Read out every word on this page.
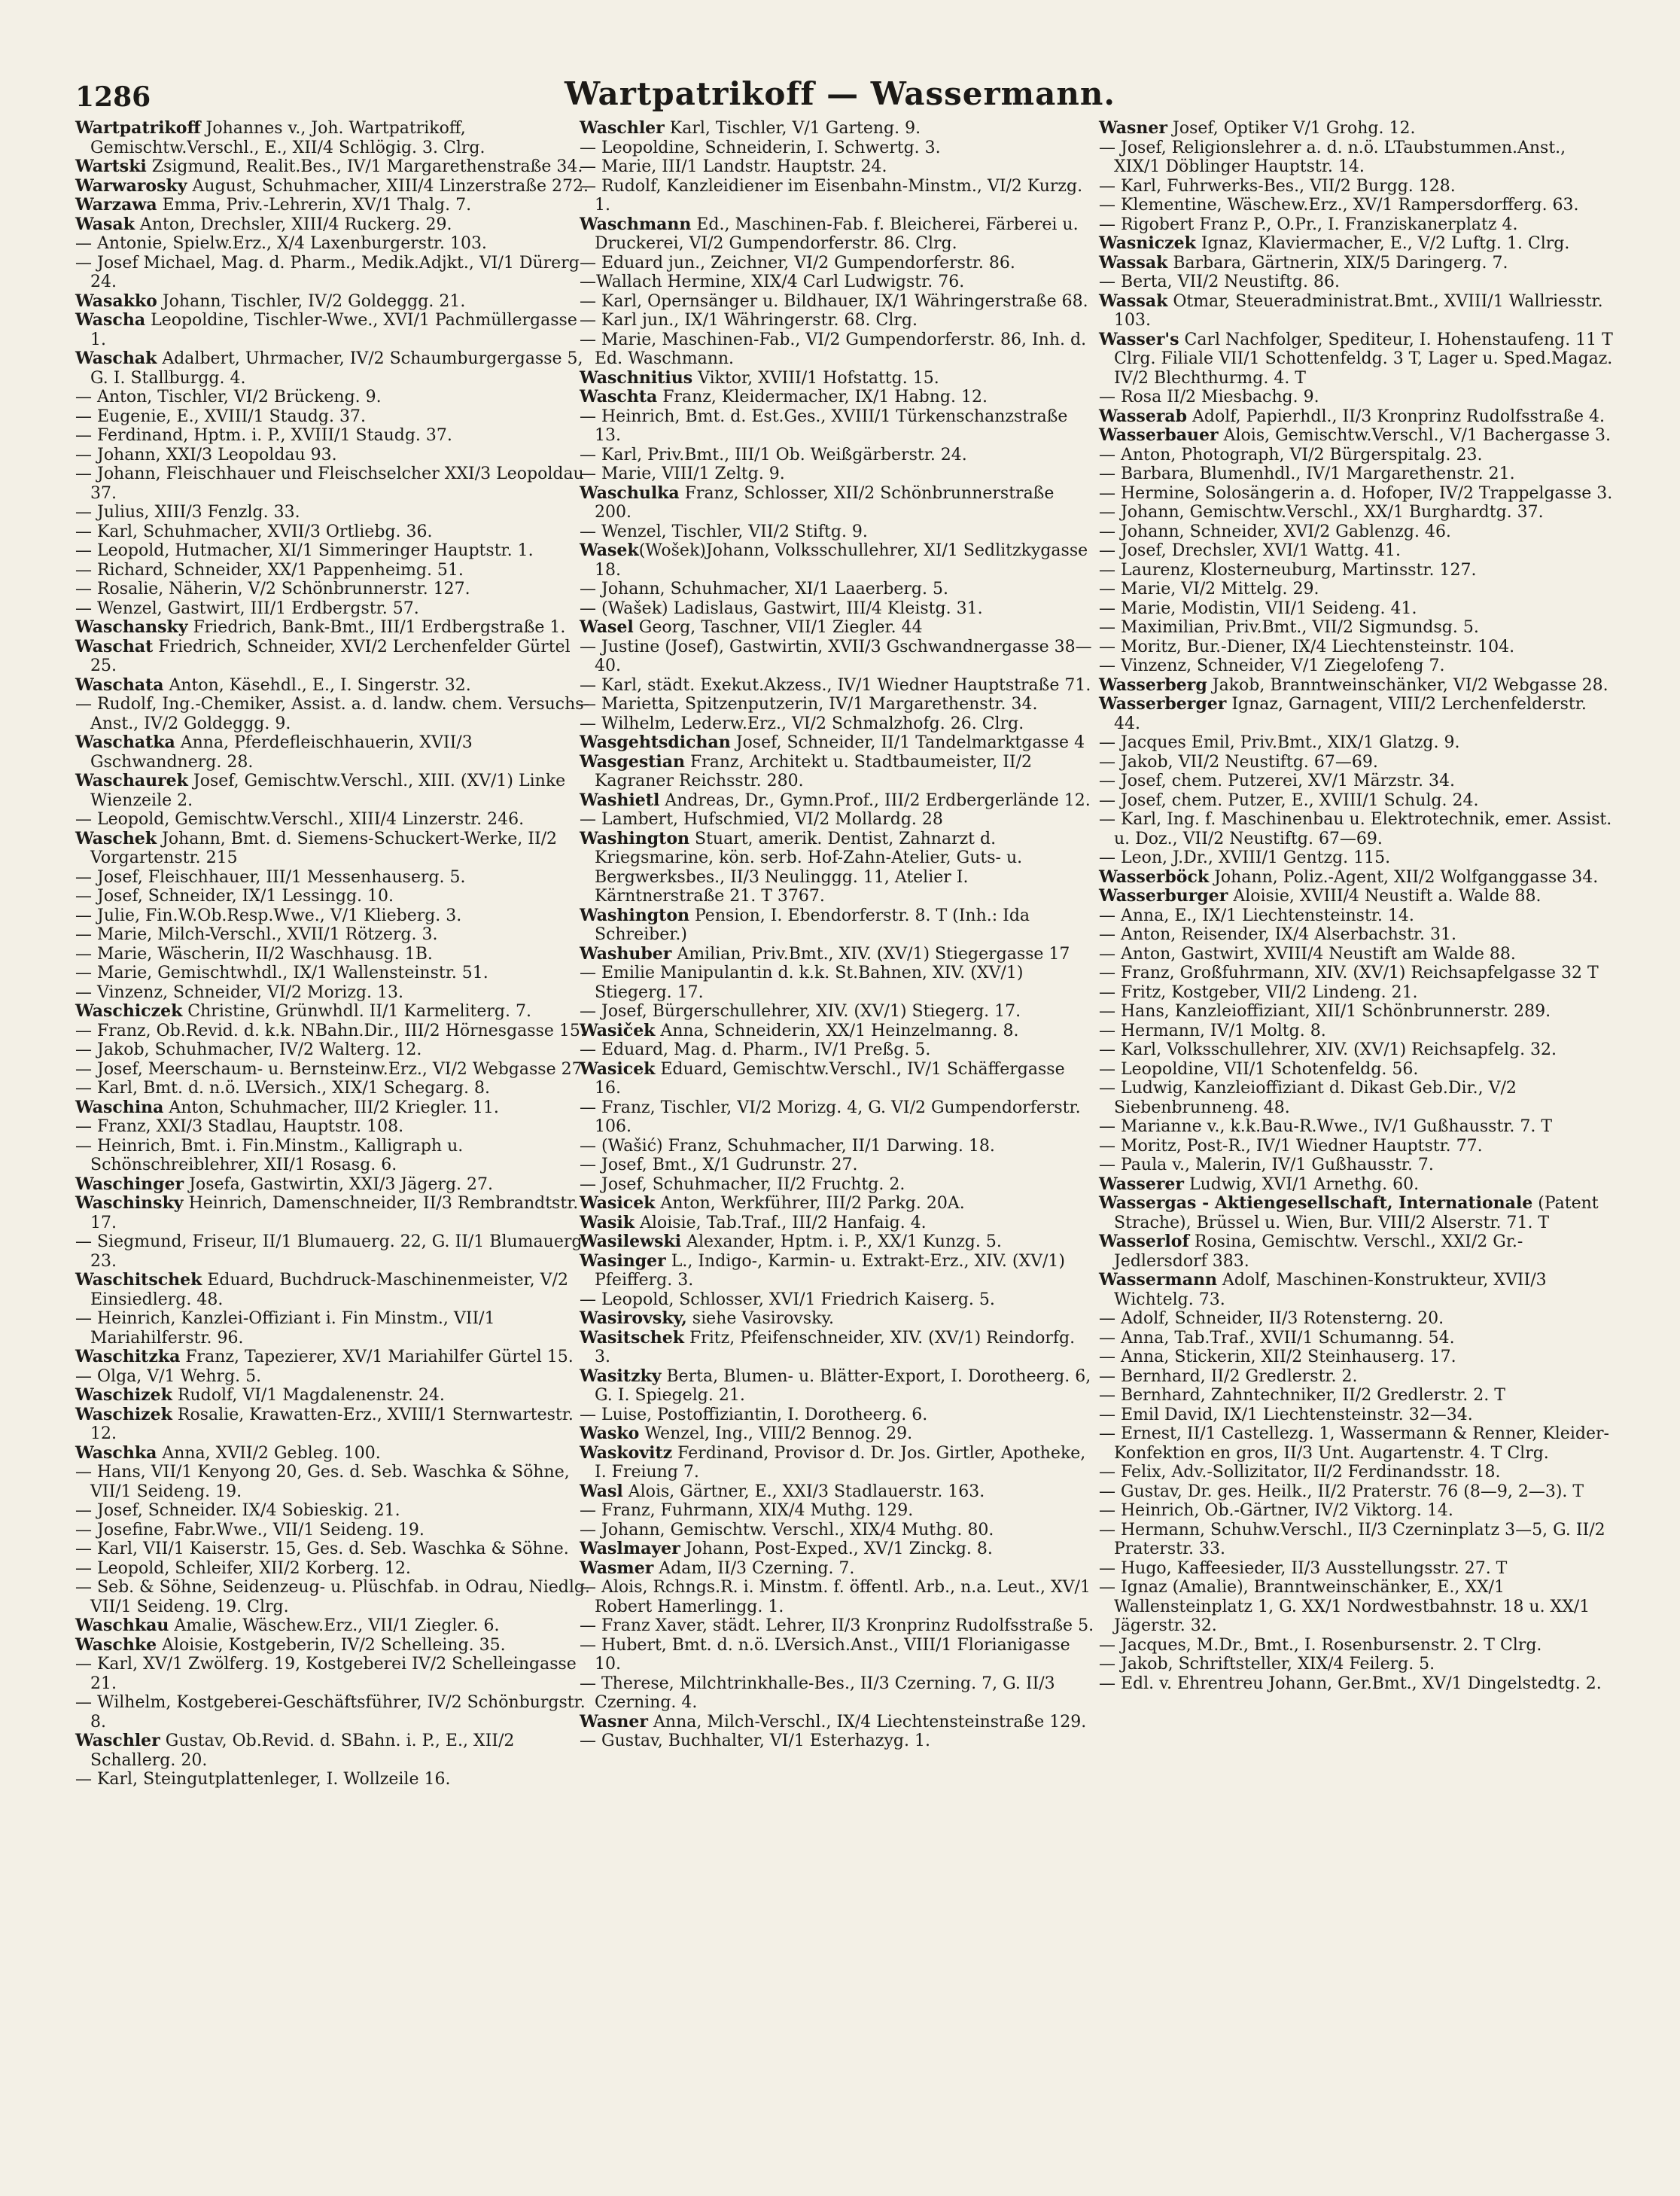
1286	Wartpatrikoff — Wassermann.

Wartpatrikoff Johannes v., Joh. Wartpatrikoff, Gemischtw.Verschl., E., XII/4 Schlögig. 3. Clrg.

Wartski Zsigmund, Realit.Bes., IV/1 Margarethenstraße 34.

Warwarosky August, Schuhmacher, XIII/4 Linzerstraße 272.

Warzawa Emma, Priv.-Lehrerin, XV/1 Thalg. 7.

Wasak Anton, Drechsler, XIII/4 Ruckerg. 29.

— Antonie, Spielw.Erz., X/4 Laxenburgerstr. 103.

— Josef Michael, Mag. d. Pharm., Medik.Adjkt., VI/1 Dürerg 24.

Wasakko Johann, Tischler, IV/2 Goldeggg. 21.

Wascha Leopoldine, Tischler-Wwe., XVI/1 Pachmüllergasse 1.

Waschak Adalbert, Uhrmacher, IV/2 Schaumburgergasse 5, G. I. Stallburgg. 4.

— Anton, Tischler, VI/2 Brückeng. 9.

— Eugenie, E., XVIII/1 Staudg. 37.

— Ferdinand, Hptm. i. P., XVIII/1 Staudg. 37.

— Johann, XXI/3 Leopoldau 93.

— Johann, Fleischhauer und Fleischselcher XXI/3 Leopoldau 37.

— Julius, XIII/3 Fenzlg. 33.

— Karl, Schuhmacher, XVII/3 Ortliebg. 36.

— Leopold, Hutmacher, XI/1 Simmeringer Hauptstr. 1.

— Richard, Schneider, XX/1 Pappenheimg. 51.

— Rosalie, Näherin, V/2 Schönbrunnerstr. 127.

— Wenzel, Gastwirt, III/1 Erdbergstr. 57.

Waschansky Friedrich, Bank-Bmt., III/1 Erdbergstraße 1.

Waschat Friedrich, Schneider, XVI/2 Lerchenfelder Gürtel 25.

Waschata Anton, Käsehdl., E., I. Singerstr. 32.

— Rudolf, Ing.-Chemiker, Assist. a. d. landw. chem. Versuchs-Anst., IV/2 Goldeggg. 9.

Waschatka Anna, Pferdefleischhauerin, XVII/3 Gschwandnerg. 28.

Waschaurek Josef, Gemischtw.Verschl., XIII. (XV/1) Linke Wienzeile 2.

— Leopold, Gemischtw.Verschl., XIII/4 Linzerstr. 246.

Waschek Johann, Bmt. d. Siemens-Schuckert-Werke, II/2 Vorgartenstr. 215

— Josef, Fleischhauer, III/1 Messenhauserg. 5.

— Josef, Schneider, IX/1 Lessingg. 10.

— Julie, Fin.W.Ob.Resp.Wwe., V/1 Klieberg. 3.

— Marie, Milch-Verschl., XVII/1 Rötzerg. 3.

— Marie, Wäscherin, II/2 Waschhausg. 1B.

— Marie, Gemischtwhdl., IX/1 Wallensteinstr. 51.

— Vinzenz, Schneider, VI/2 Morizg. 13.

Waschiczek Christine, Grünwhdl. II/1 Karmeliterg. 7.

— Franz, Ob.Revid. d. k.k. NBahn.Dir., III/2 Hörnesgasse 15.

— Jakob, Schuhmacher, IV/2 Walterg. 12.

— Josef, Meerschaum- u. Bernsteinw.Erz., VI/2 Webgasse 27.

— Karl, Bmt. d. n.ö. LVersich., XIX/1 Schegarg. 8.

Waschina Anton, Schuhmacher, III/2 Kriegler. 11.

— Franz, XXI/3 Stadlau, Hauptstr. 108.

— Heinrich, Bmt. i. Fin.Minstm., Kalligraph u. Schönschreiblehrer, XII/1 Rosasg. 6.

Waschinger Josefa, Gastwirtin, XXI/3 Jägerg. 27.

Waschinsky Heinrich, Damenschneider, II/3 Rembrandtstr. 17.

— Siegmund, Friseur, II/1 Blumauerg. 22, G. II/1 Blumauerg. 23.

Waschitschek Eduard, Buchdruck-Maschinenmeister, V/2 Einsiedlerg. 48.

— Heinrich, Kanzlei-Offiziant i. Fin Minstm., VII/1 Mariahilferstr. 96.

Waschitzka Franz, Tapezierer, XV/1 Mariahilfer Gürtel 15.

— Olga, V/1 Wehrg. 5.

Waschizek Rudolf, VI/1 Magdalenenstr. 24.

Waschizek Rosalie, Krawatten-Erz., XVIII/1 Sternwartestr. 12.

Waschka Anna, XVII/2 Gebleg. 100.

— Hans, VII/1 Kenyong 20, Ges. d. Seb. Waschka & Söhne, VII/1 Seideng. 19.

— Josef, Schneider. IX/4 Sobieskig. 21.

— Josefine, Fabr.Wwe., VII/1 Seideng. 19.

— Karl, VII/1 Kaiserstr. 15, Ges. d. Seb. Waschka & Söhne.

— Leopold, Schleifer, XII/2 Korberg. 12.

— Seb. & Söhne, Seidenzeug- u. Plüschfab. in Odrau, Niedlg. VII/1 Seideng. 19. Clrg.

Waschkau Amalie, Wäschew.Erz., VII/1 Ziegler. 6.

Waschke Aloisie, Kostgeberin, IV/2 Schelleing. 35.

— Karl, XV/1 Zwölferg. 19, Kostgeberei IV/2 Schelleingasse 21.

— Wilhelm, Kostgeberei-Geschäftsführer, IV/2 Schönburgstr. 8.

Waschler Gustav, Ob.Revid. d. SBahn. i. P., E., XII/2 Schallerg. 20.

— Karl, Steingutplattenleger, I. Wollzeile 16.

Waschler Karl, Tischler, V/1 Garteng. 9.

— Leopoldine, Schneiderin, I. Schwertg. 3.

— Marie, III/1 Landstr. Hauptstr. 24.

— Rudolf, Kanzleidiener im Eisenbahn-Minstm., VI/2 Kurzg. 1.

Waschmann Ed., Maschinen-Fab. f. Bleicherei, Färberei u. Druckerei, VI/2 Gumpendorferstr. 86. Clrg.

— Eduard jun., Zeichner, VI/2 Gumpendorferstr. 86.

—Wallach Hermine, XIX/4 Carl Ludwigstr. 76.

— Karl, Opernsänger u. Bildhauer, IX/1 Währingerstraße 68.

— Karl jun., IX/1 Währingerstr. 68. Clrg.

— Marie, Maschinen-Fab., VI/2 Gumpendorferstr. 86, Inh. d. Ed. Waschmann.

Waschnitius Viktor, XVIII/1 Hofstattg. 15.

Waschta Franz, Kleidermacher, IX/1 Habng. 12.

— Heinrich, Bmt. d. Est.Ges., XVIII/1 Türkenschanzstraße 13.

— Karl, Priv.Bmt., III/1 Ob. Weißgärberstr. 24.

— Marie, VIII/1 Zeltg. 9.

Waschulka Franz, Schlosser, XII/2 Schönbrunnerstraße 200.

— Wenzel, Tischler, VII/2 Stiftg. 9.

Wasek(Wošek)Johann, Volksschullehrer, XI/1 Sedlitzkygasse 18.

— Johann, Schuhmacher, XI/1 Laaerberg. 5.

— (Wašek) Ladislaus, Gastwirt, III/4 Kleistg. 31.

Wasel Georg, Taschner, VII/1 Ziegler. 44

— Justine (Josef), Gastwirtin, XVII/3 Gschwandnergasse 38—40.

— Karl, städt. Exekut.Akzess., IV/1 Wiedner Hauptstraße 71.

— Marietta, Spitzenputzerin, IV/1 Margarethenstr. 34.

— Wilhelm, Lederw.Erz., VI/2 Schmalzhofg. 26. Clrg.

Wasgehtsdichan Josef, Schneider, II/1 Tandelmarktgasse 4

Wasgestian Franz, Architekt u. Stadtbaumeister, II/2 Kagraner Reichsstr. 280.

Washietl Andreas, Dr., Gymn.Prof., III/2 Erdbergerlände 12.

— Lambert, Hufschmied, VI/2 Mollardg. 28

Washington Stuart, amerik. Dentist, Zahnarzt d. Kriegsmarine, kön. serb. Hof-Zahn-Atelier, Guts- u. Bergwerksbes., II/3 Neulinggg. 11, Atelier I. Kärntnerstraße 21. T 3767.

Washington Pension, I. Ebendorferstr. 8. T (Inh.: Ida Schreiber.)

Washuber Amilian, Priv.Bmt., XIV. (XV/1) Stiegergasse 17

— Emilie Manipulantin d. k.k. St.Bahnen, XIV. (XV/1) Stiegerg. 17.

— Josef, Bürgerschullehrer, XIV. (XV/1) Stiegerg. 17.

Wasiček Anna, Schneiderin, XX/1 Heinzelmanng. 8.

— Eduard, Mag. d. Pharm., IV/1 Preßg. 5.

Wasicek Eduard, Gemischtw.Verschl., IV/1 Schäffergasse 16.

— Franz, Tischler, VI/2 Morizg. 4, G. VI/2 Gumpendorferstr. 106.

— (Wašić) Franz, Schuhmacher, II/1 Darwing. 18.

— Josef, Bmt., X/1 Gudrunstr. 27.

— Josef, Schuhmacher, II/2 Fruchtg. 2.

Wasicek Anton, Werkführer, III/2 Parkg. 20A.

Wasik Aloisie, Tab.Traf., III/2 Hanfaig. 4.

Wasilewski Alexander, Hptm. i. P., XX/1 Kunzg. 5.

Wasinger L., Indigo-, Karmin- u. Extrakt-Erz., XIV. (XV/1) Pfeifferg. 3.

— Leopold, Schlosser, XVI/1 Friedrich Kaiserg. 5.

Wasirovsky, siehe Vasirovsky.

Wasitschek Fritz, Pfeifenschneider, XIV. (XV/1) Reindorfg. 3.

Wasitzky Berta, Blumen- u. Blätter-Export, I. Dorotheerg. 6, G. I. Spiegelg. 21.

— Luise, Postoffiziantin, I. Dorotheerg. 6.

Wasko Wenzel, Ing., VIII/2 Bennog. 29.

Waskovitz Ferdinand, Provisor d. Dr. Jos. Girtler, Apotheke, I. Freiung 7.

Wasl Alois, Gärtner, E., XXI/3 Stadlauerstr. 163.

— Franz, Fuhrmann, XIX/4 Muthg. 129.

— Johann, Gemischtw. Verschl., XIX/4 Muthg. 80.

Waslmayer Johann, Post-Exped., XV/1 Zinckg. 8.

Wasmer Adam, II/3 Czerning. 7.

— Alois, Rchngs.R. i. Minstm. f. öffentl. Arb., n.a. Leut., XV/1 Robert Hamerlingg. 1.

— Franz Xaver, städt. Lehrer, II/3 Kronprinz Rudolfsstraße 5.

— Hubert, Bmt. d. n.ö. LVersich.Anst., VIII/1 Florianigasse 10.

— Therese, Milchtrinkhalle-Bes., II/3 Czerning. 7, G. II/3 Czerning. 4.

Wasner Anna, Milch-Verschl., IX/4 Liechtensteinstraße 129.

— Gustav, Buchhalter, VI/1 Esterhazyg. 1.

Wasner Josef, Optiker V/1 Grohg. 12.

— Josef, Religionslehrer a. d. n.ö. LTaubstummen.Anst., XIX/1 Döblinger Hauptstr. 14.

— Karl, Fuhrwerks-Bes., VII/2 Burgg. 128.

— Klementine, Wäschew.Erz., XV/1 Rampersdorfferg. 63.

— Rigobert Franz P., O.Pr., I. Franziskanerplatz 4.

Wasniczek Ignaz, Klaviermacher, E., V/2 Luftg. 1. Clrg.

Wassak Barbara, Gärtnerin, XIX/5 Daringerg. 7.

— Berta, VII/2 Neustiftg. 86.

Wassak Otmar, Steueradministrat.Bmt., XVIII/1 Wallriesstr. 103.

Wasser's Carl Nachfolger, Spediteur, I. Hohenstaufeng. 11 T Clrg. Filiale VII/1 Schottenfeldg. 3 T, Lager u. Sped.Magaz. IV/2 Blechthurmg. 4. T

— Rosa II/2 Miesbachg. 9.

Wasserab Adolf, Papierhdl., II/3 Kronprinz Rudolfsstraße 4.

Wasserbauer Alois, Gemischtw.Verschl., V/1 Bachergasse 3.

— Anton, Photograph, VI/2 Bürgerspitalg. 23.

— Barbara, Blumenhdl., IV/1 Margarethenstr. 21.

— Hermine, Solosängerin a. d. Hofoper, IV/2 Trappelgasse 3.

— Johann, Gemischtw.Verschl., XX/1 Burghardtg. 37.

— Johann, Schneider, XVI/2 Gablenzg. 46.

— Josef, Drechsler, XVI/1 Wattg. 41.

— Laurenz, Klosterneuburg, Martinsstr. 127.

— Marie, VI/2 Mittelg. 29.

— Marie, Modistin, VII/1 Seideng. 41.

— Maximilian, Priv.Bmt., VII/2 Sigmundsg. 5.

— Moritz, Bur.-Diener, IX/4 Liechtensteinstr. 104.

— Vinzenz, Schneider, V/1 Ziegelofeng 7.

Wasserberg Jakob, Branntweinschänker, VI/2 Webgasse 28.

Wasserberger Ignaz, Garnagent, VIII/2 Lerchenfelderstr. 44.

— Jacques Emil, Priv.Bmt., XIX/1 Glatzg. 9.

— Jakob, VII/2 Neustiftg. 67—69.

— Josef, chem. Putzerei, XV/1 Märzstr. 34.

— Josef, chem. Putzer, E., XVIII/1 Schulg. 24.

— Karl, Ing. f. Maschinenbau u. Elektrotechnik, emer. Assist. u. Doz., VII/2 Neustiftg. 67—69.

— Leon, J.Dr., XVIII/1 Gentzg. 115.

Wasserböck Johann, Poliz.-Agent, XII/2 Wolfganggasse 34.

Wasserburger Aloisie, XVIII/4 Neustift a. Walde 88.

— Anna, E., IX/1 Liechtensteinstr. 14.

— Anton, Reisender, IX/4 Alserbachstr. 31.

— Anton, Gastwirt, XVIII/4 Neustift am Walde 88.

— Franz, Großfuhrmann, XIV. (XV/1) Reichsapfelgasse 32 T

— Fritz, Kostgeber, VII/2 Lindeng. 21.

— Hans, Kanzleioffiziant, XII/1 Schönbrunnerstr. 289.

— Hermann, IV/1 Moltg. 8.

— Karl, Volksschullehrer, XIV. (XV/1) Reichsapfelg. 32.

— Leopoldine, VII/1 Schotenfeldg. 56.

— Ludwig, Kanzleioffiziant d. Dikast Geb.Dir., V/2 Siebenbrunneng. 48.

— Marianne v., k.k.Bau-R.Wwe., IV/1 Gußhausstr. 7. T

— Moritz, Post-R., IV/1 Wiedner Hauptstr. 77.

— Paula v., Malerin, IV/1 Gußhausstr. 7.

Wasserer Ludwig, XVI/1 Arnethg. 60.

Wassergas - Aktiengesellschaft, Internationale (Patent Strache), Brüssel u. Wien, Bur. VIII/2 Alserstr. 71. T

Wasserlof Rosina, Gemischtw. Verschl., XXI/2 Gr.-Jedlersdorf 383.

Wassermann Adolf, Maschinen-Konstrukteur, XVII/3 Wichtelg. 73.

— Adolf, Schneider, II/3 Rotensterng. 20.

— Anna, Tab.Traf., XVII/1 Schumanng. 54.

— Anna, Stickerin, XII/2 Steinhauserg. 17.

— Bernhard, II/2 Gredlerstr. 2.

— Bernhard, Zahntechniker, II/2 Gredlerstr. 2. T

— Emil David, IX/1 Liechtensteinstr. 32—34.

— Ernest, II/1 Castellezg. 1, Wassermann & Renner, Kleider-Konfektion en gros, II/3 Unt. Augartenstr. 4. T Clrg.

— Felix, Adv.-Sollizitator, II/2 Ferdinandsstr. 18.

— Gustav, Dr. ges. Heilk., II/2 Praterstr. 76 (8—9, 2—3). T

— Heinrich, Ob.-Gärtner, IV/2 Viktorg. 14.

— Hermann, Schuhw.Verschl., II/3 Czerninplatz 3—5, G. II/2 Praterstr. 33.

— Hugo, Kaffeesieder, II/3 Ausstellungsstr. 27. T

— Ignaz (Amalie), Branntweinschänker, E., XX/1 Wallensteinplatz 1, G. XX/1 Nordwestbahnstr. 18 u. XX/1 Jägerstr. 32.

— Jacques, M.Dr., Bmt., I. Rosenbursenstr. 2. T Clrg.

— Jakob, Schriftsteller, XIX/4 Feilerg. 5.

— Edl. v. Ehrentreu Johann, Ger.Bmt., XV/1 Dingelstedtg. 2.
